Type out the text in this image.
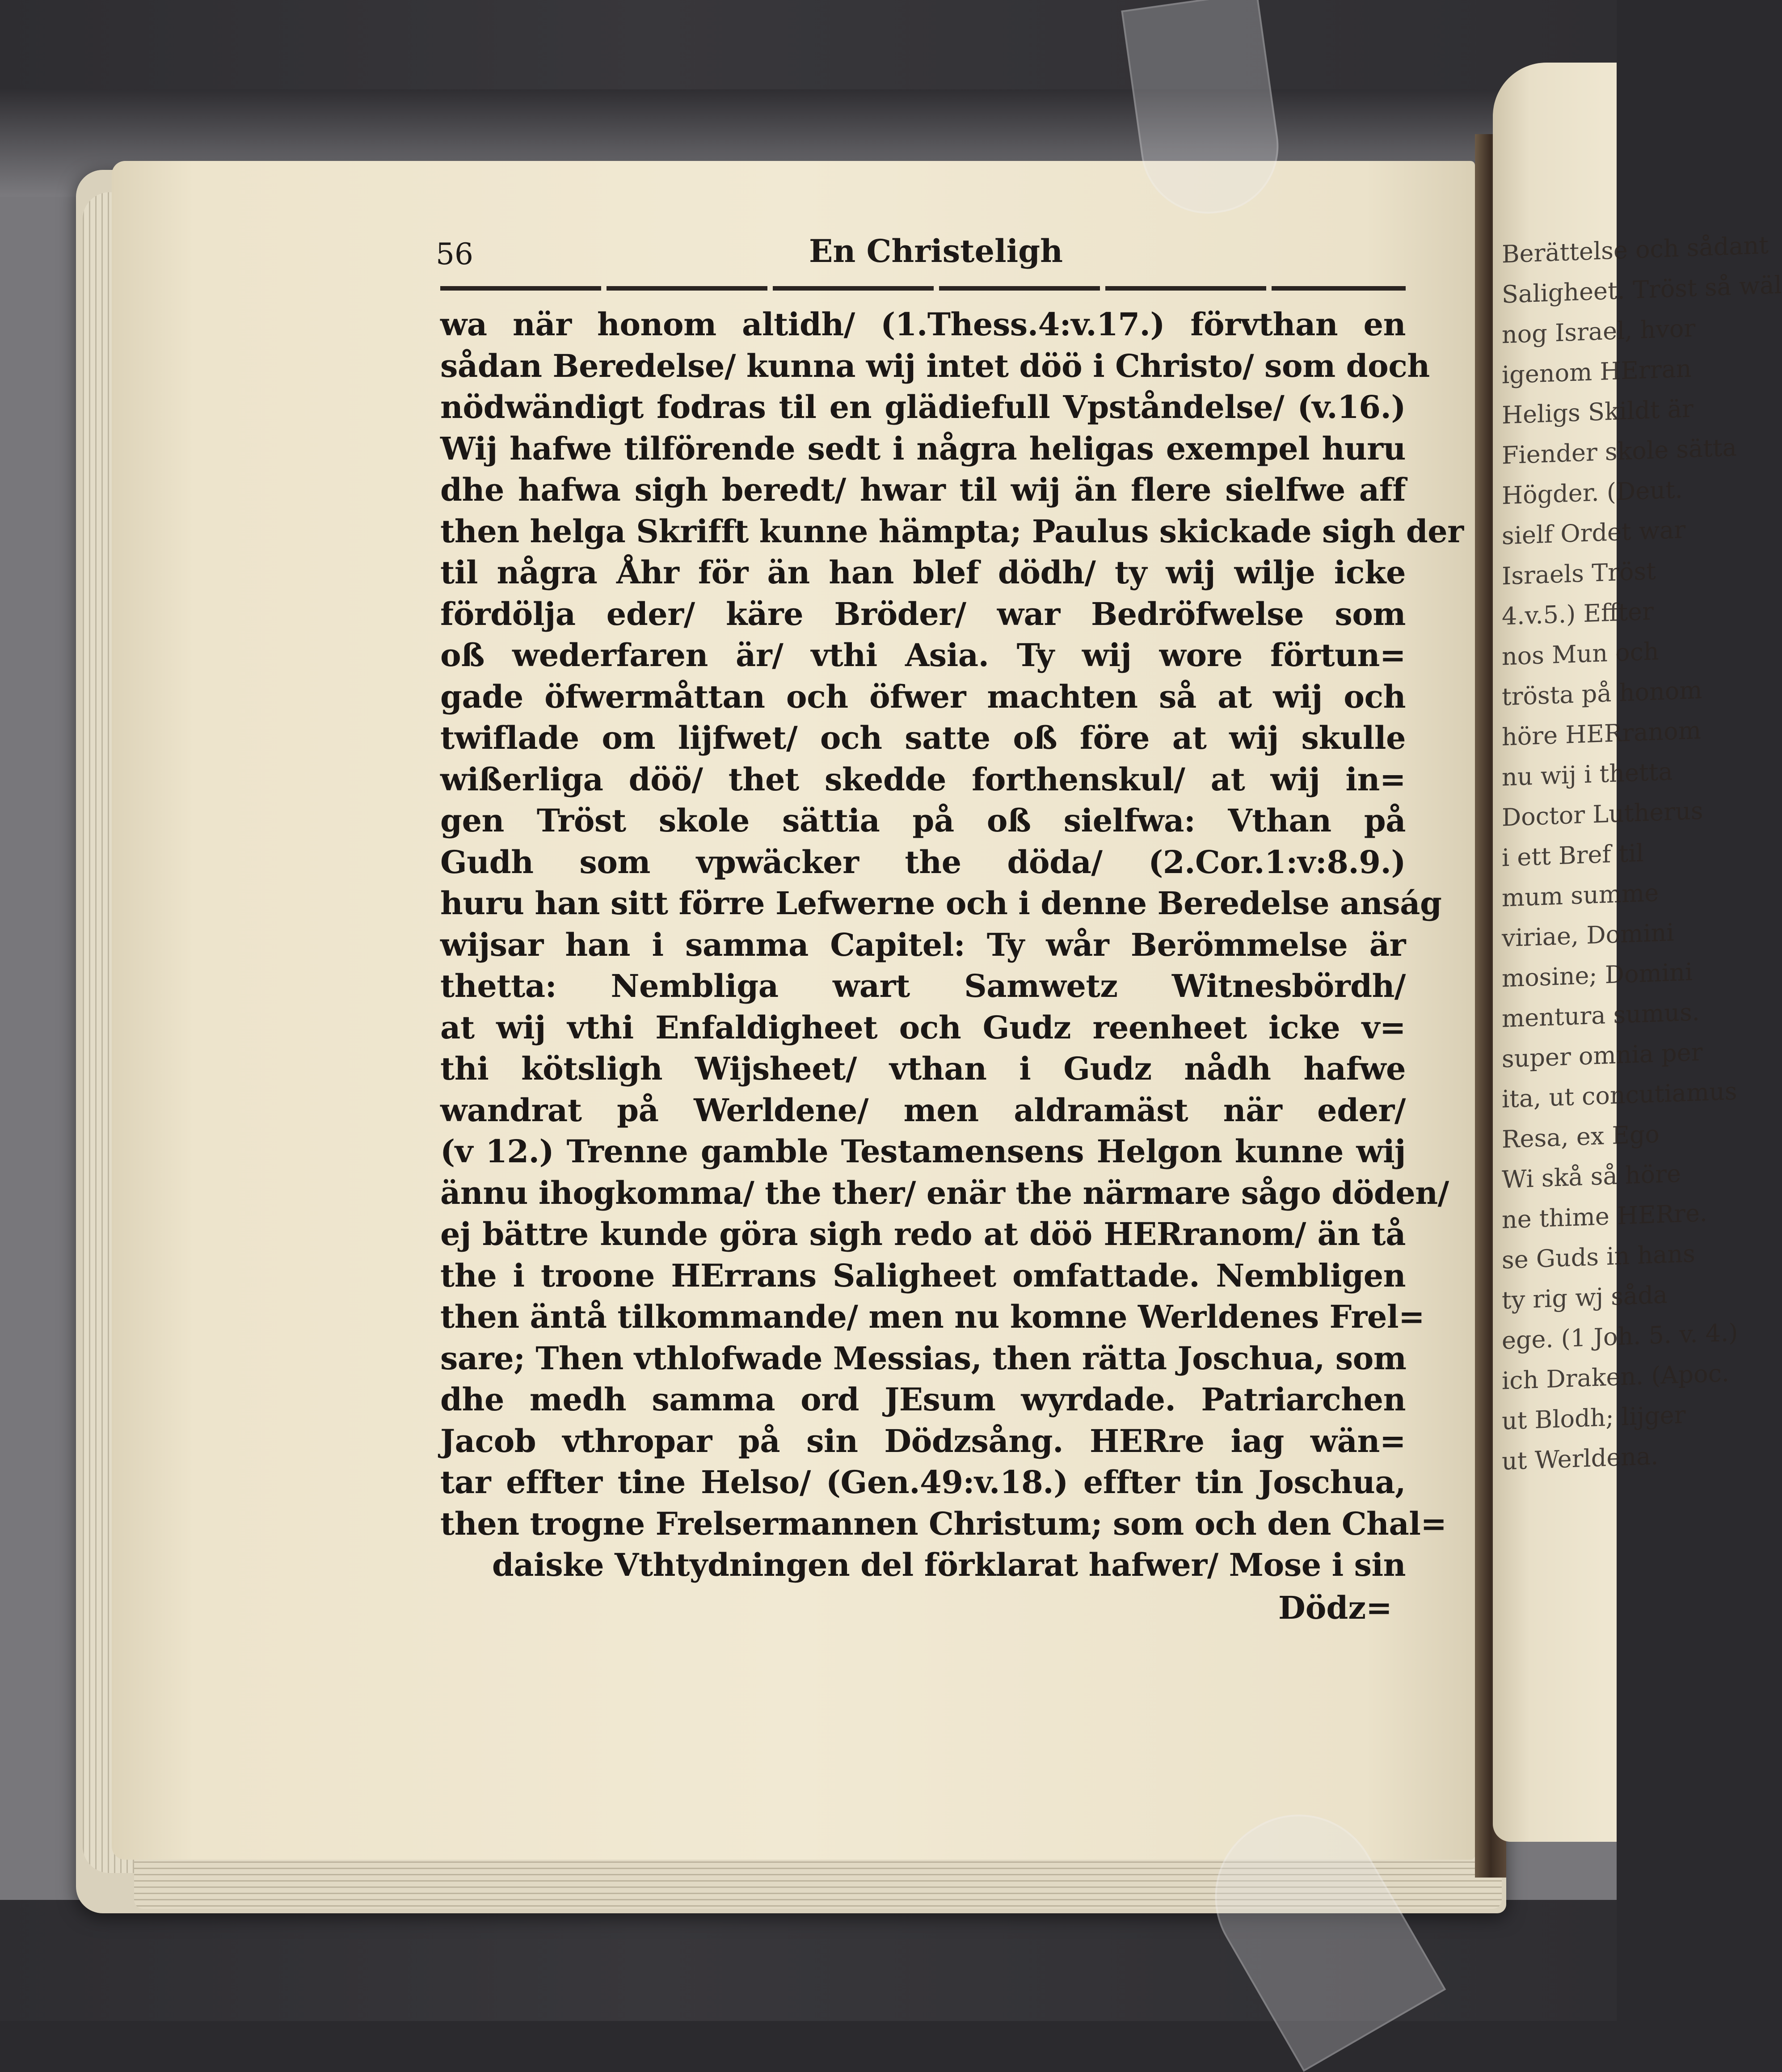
Berättelse och sådant
Saligheet. Tröst så wäl
nog Israel, hvor
igenom HErran
Heligs Skildt är
Fiender skole sätta
Högder. (Deut.
sielf Ordet war
Israels Tröst
4.v.5.) Effter
nos Mun och
trösta på honom
höre HERranom
nu wij i thetta
Doctor Lutherus
i ett Bref til
mum summe
viriae, Domini
mosine; Domini
mentura sumus.
super omnia per
ita, ut concutiamus
Resa, ex Ego
Wi skå så höre
ne thime HERre.
se Guds in hans
ty rig wj såda
ege. (1 Joh. 5. v. 4.)
ich Draken. (Apoc.
ut Blodh; lijger
ut Werldena.
56	En Christeligh
wa när honom altidh/ (1.Thess.4:v.17.) förvthan en
sådan Beredelse/ kunna wij intet döö i Christo/ som doch
nödwändigt fodras til en glädiefull Vpståndelse/ (v.16.)
Wij hafwe tilförende sedt i några heligas exempel huru
dhe hafwa sigh beredt/ hwar til wij än flere sielfwe aff
then helga Skrifft kunne hämpta; Paulus skickade sigh der
til några Åhr för än han blef dödh/ ty wij wilje icke
fördölja eder/ käre Bröder/ war Bedröfwelse som
oß wederfaren är/ vthi Asia. Ty wij wore förtun=
gade öfwermåttan och öfwer machten så at wij och
twiflade om lijfwet/ och satte oß före at wij skulle
wißerliga döö/ thet skedde forthenskul/ at wij in=
gen Tröst skole sättia på oß sielfwa: Vthan på
Gudh som vpwäcker the döda/ (2.Cor.1:v:8.9.)
huru han sitt förre Lefwerne och i denne Beredelse anság
wijsar han i samma Capitel: Ty wår Berömmelse är
thetta: Nembliga wart Samwetz Witnesbördh/
at wij vthi Enfaldigheet och Gudz reenheet icke v=
thi kötsligh Wijsheet/ vthan i Gudz nådh hafwe
wandrat på Werldene/ men aldramäst när eder/
(v 12.) Trenne gamble Testamensens Helgon kunne wij
ännu ihogkomma/ the ther/ enär the närmare sågo döden/
ej bättre kunde göra sigh redo at döö HERranom/ än tå
the i troone HErrans Saligheet omfattade. Nembligen
then äntå tilkommande/ men nu komne Werldenes Frel=
sare; Then vthlofwade Messias, then rätta Joschua, som
dhe medh samma ord JEsum wyrdade. Patriarchen
Jacob vthropar på sin Dödzsång. HERre iag wän=
tar effter tine Helso/ (Gen.49:v.18.) effter tin Joschua,
then trogne Frelsermannen Christum; som och den Chal=
daiske Vthtydningen del förklarat hafwer/ Mose i sin
Dödz=
